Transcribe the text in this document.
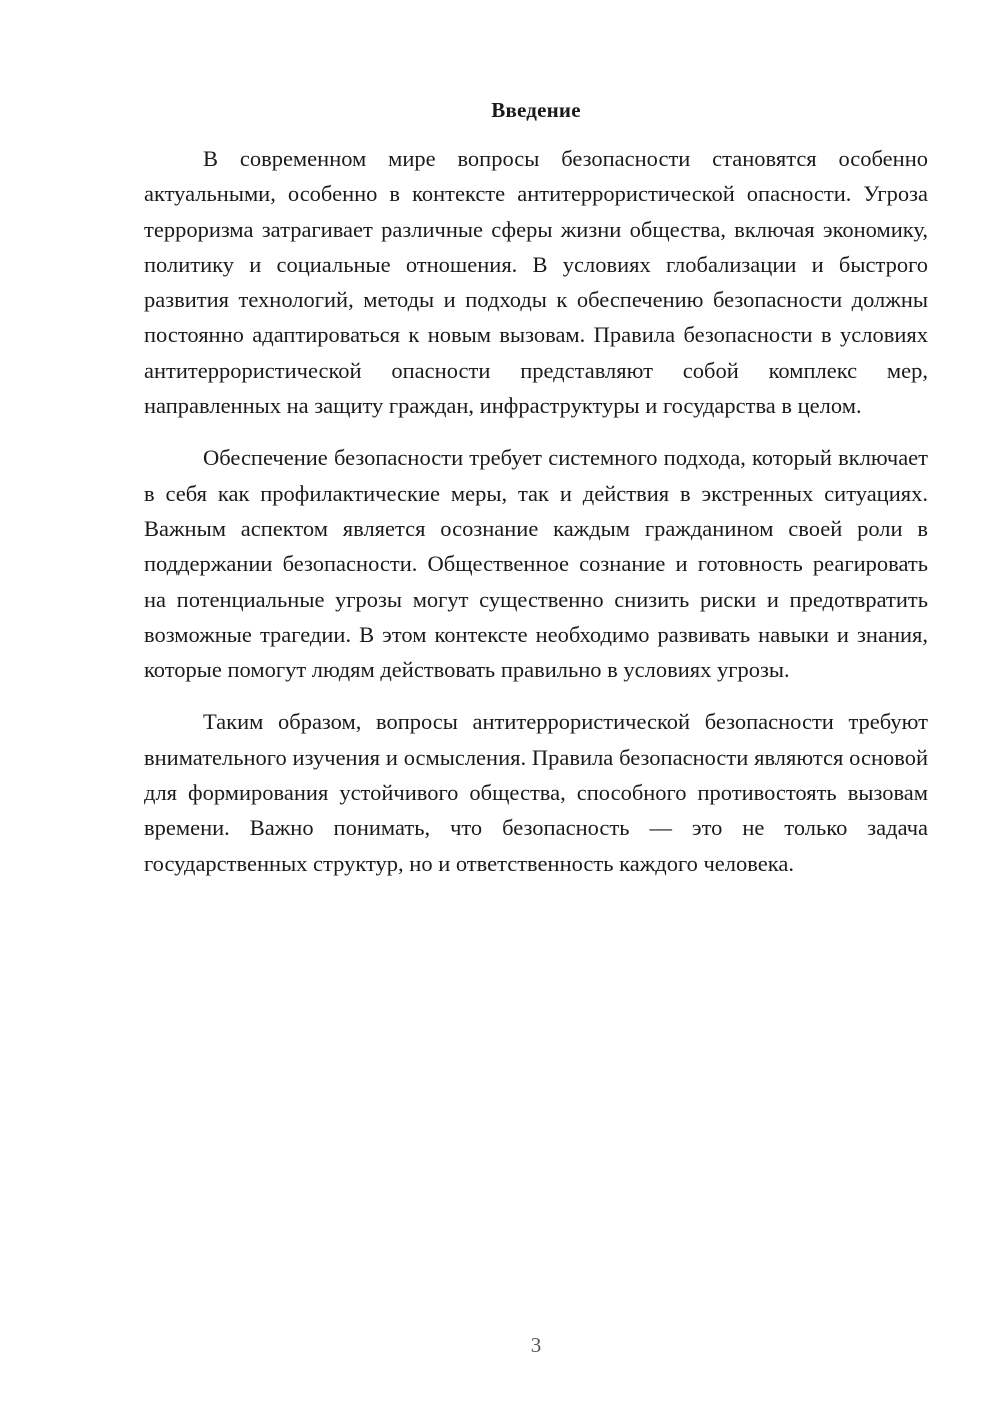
Введение

В современном мире вопросы безопасности становятся особенно актуальными, особенно в контексте антитеррористической опасности. Угроза терроризма затрагивает различные сферы жизни общества, включая экономику, политику и социальные отношения. В условиях глобализации и быстрого развития технологий, методы и подходы к обеспечению безопасности должны постоянно адаптироваться к новым вызовам. Правила безопасности в условиях антитеррористической опасности представляют собой комплекс мер, направленных на защиту граждан, инфраструктуры и государства в целом.

Обеспечение безопасности требует системного подхода, который включает в себя как профилактические меры, так и действия в экстренных ситуациях. Важным аспектом является осознание каждым гражданином своей роли в поддержании безопасности. Общественное сознание и готовность реагировать на потенциальные угрозы могут существенно снизить риски и предотвратить возможные трагедии. В этом контексте необходимо развивать навыки и знания, которые помогут людям действовать правильно в условиях угрозы.

Таким образом, вопросы антитеррористической безопасности требуют внимательного изучения и осмысления. Правила безопасности являются основой для формирования устойчивого общества, способного противостоять вызовам времени. Важно понимать, что безопасность — это не только задача государственных структур, но и ответственность каждого человека.

3
